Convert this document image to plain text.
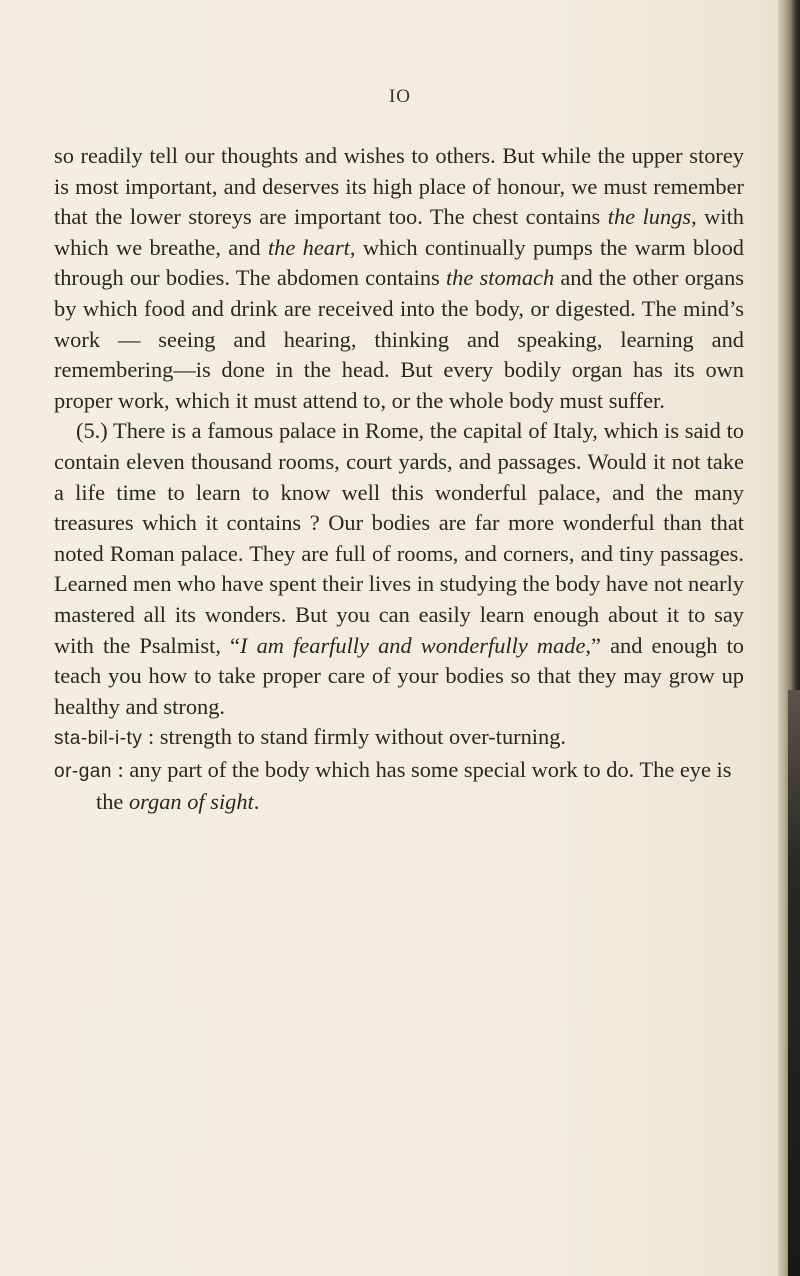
IO

so readily tell our thoughts and wishes to others. But while the upper storey is most important, and deserves its high place of honour, we must remember that the lower storeys are important too. The chest contains the lungs, with which we breathe, and the heart, which continually pumps the warm blood through our bodies. The abdomen contains the stomach and the other organs by which food and drink are received into the body, or digested. The mind’s work — seeing and hearing, thinking and speaking, learning and remembering—is done in the head. But every bodily organ has its own proper work, which it must attend to, or the whole body must suffer.

(5.) There is a famous palace in Rome, the capital of Italy, which is said to contain eleven thousand rooms, court yards, and passages. Would it not take a life time to learn to know well this wonderful palace, and the many treasures which it contains ? Our bodies are far more wonderful than that noted Roman palace. They are full of rooms, and corners, and tiny passages. Learned men who have spent their lives in studying the body have not nearly mastered all its wonders. But you can easily learn enough about it to say with the Psalmist, “I am fearfully and wonderfully made,” and enough to teach you how to take proper care of your bodies so that they may grow up healthy and strong.

sta-bil-i-ty : strength to stand firmly without over-turning.

or-gan : any part of the body which has some special work to do. The eye is the organ of sight.
